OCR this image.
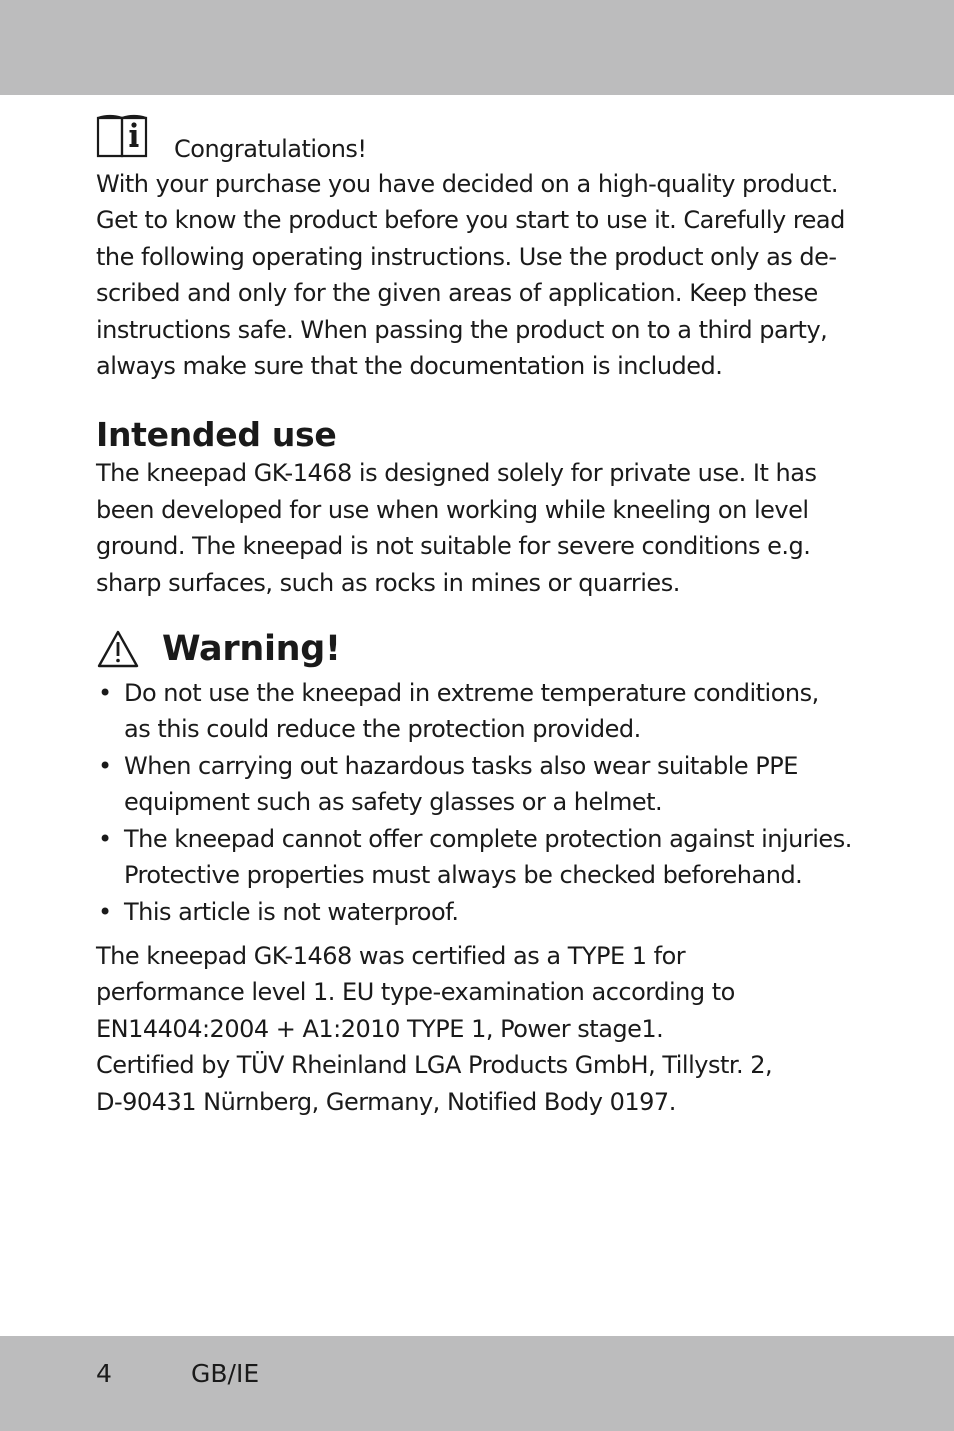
Congratulations!
With your purchase you have decided on a high-quality product.
Get to know the product before you start to use it. Carefully read
the following operating instructions. Use the product only as de-
scribed and only for the given areas of application. Keep these
instructions safe. When passing the product on to a third party,
always make sure that the documentation is included.
Intended use
The kneepad GK-1468 is designed solely for private use. It has
been developed for use when working while kneeling on level
ground. The kneepad is not suitable for severe conditions e.g.
sharp surfaces, such as rocks in mines or quarries.
Warning!
• Do not use the kneepad in extreme temperature conditions,
as this could reduce the protection provided.
• When carrying out hazardous tasks also wear suitable PPE
equipment such as safety glasses or a helmet.
• The kneepad cannot offer complete protection against injuries.
Protective properties must always be checked beforehand.
• This article is not waterproof.
The kneepad GK-1468 was certified as a TYPE 1 for
performance level 1. EU type-examination according to
EN14404:2004 + A1:2010 TYPE 1, Power stage1.
Certified by TÜV Rheinland LGA Products GmbH, Tillystr. 2,
D-90431 Nürnberg, Germany, Notified Body 0197.
4	GB/IE
